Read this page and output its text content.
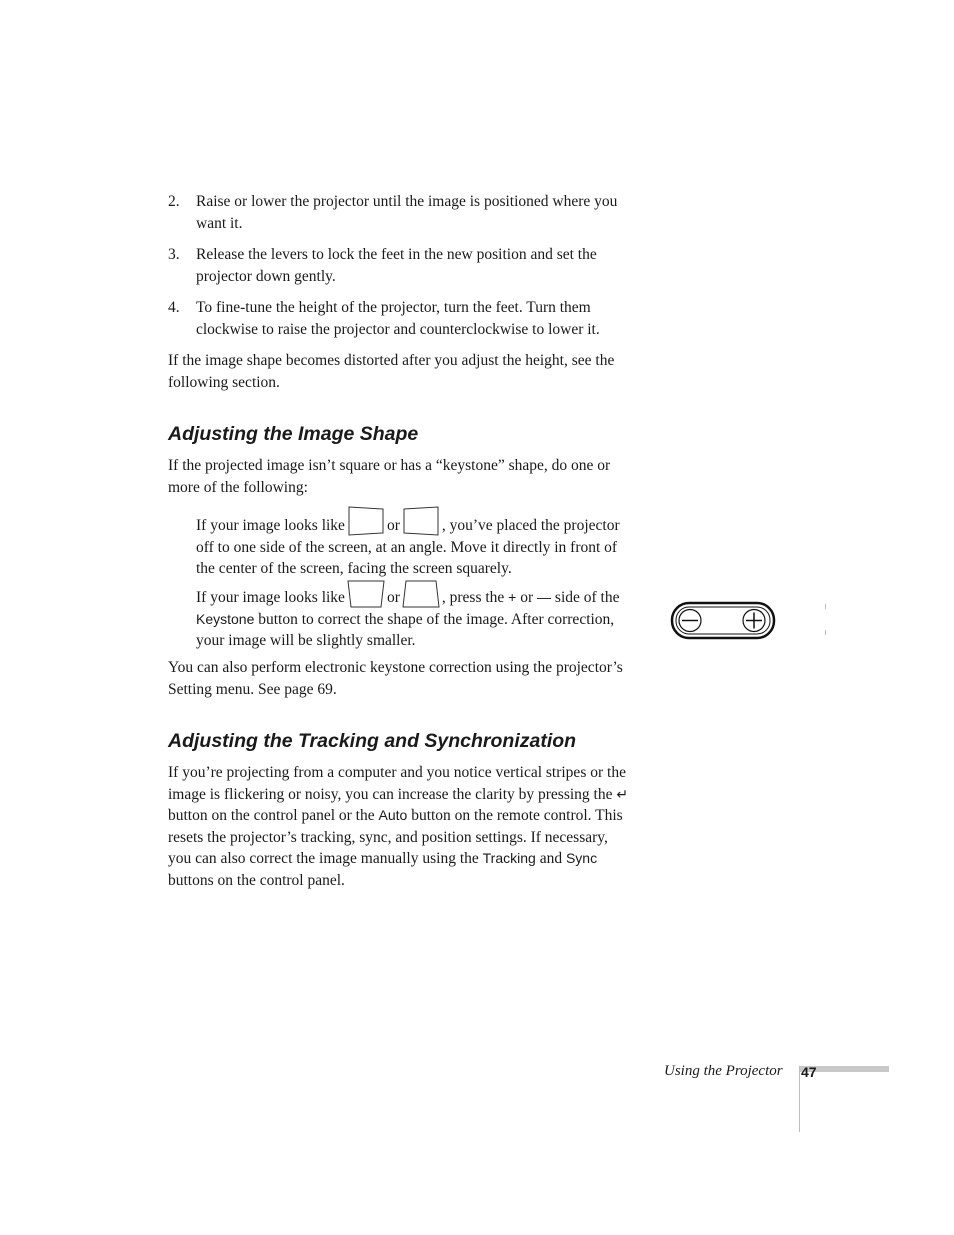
2.	Raise or lower the projector until the image is positioned where you want it.

3.	Release the levers to lock the feet in the new position and set the projector down gently.

4.	To fine-tune the height of the projector, turn the feet. Turn them clockwise to raise the projector and counterclockwise to lower it.

If the image shape becomes distorted after you adjust the height, see the following section.

Adjusting the Image Shape

If the projected image isn’t square or has a “keystone” shape, do one or more of the following:

If your image looks like	or	, you’ve placed the projector off to one side of the screen, at an angle. Move it directly in front of the center of the screen, facing the screen squarely.

If your image looks like	or	, press the + or — side of the Keystone button to correct the shape of the image. After correction, your image will be slightly smaller.

You can also perform electronic keystone correction using the projector’s Setting menu. See page 69.

Adjusting the Tracking and Synchronization

If you’re projecting from a computer and you notice vertical stripes or the image is flickering or noisy, you can increase the clarity by pressing the ↵ button on the control panel or the Auto button on the remote control. This resets the projector’s tracking, sync, and position settings. If necessary, you can also correct the image manually using the Tracking and Sync buttons on the control panel.

Using the Projector 47
